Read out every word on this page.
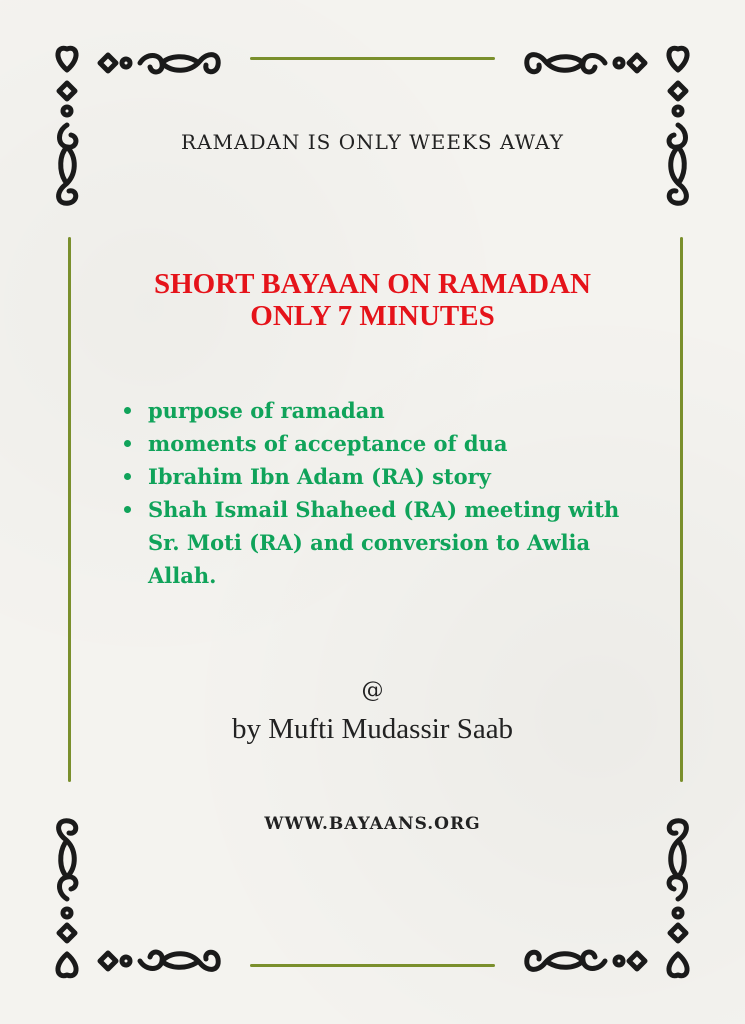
RAMADAN IS ONLY WEEKS AWAY
SHORT BAYAAN ON RAMADAN
ONLY 7 MINUTES
purpose of ramadan
moments of acceptance of dua
Ibrahim Ibn Adam (RA) story
Shah Ismail Shaheed (RA) meeting with Sr. Moti (RA) and conversion to Awlia Allah.
@
by Mufti Mudassir Saab
WWW.BAYAANS.ORG
